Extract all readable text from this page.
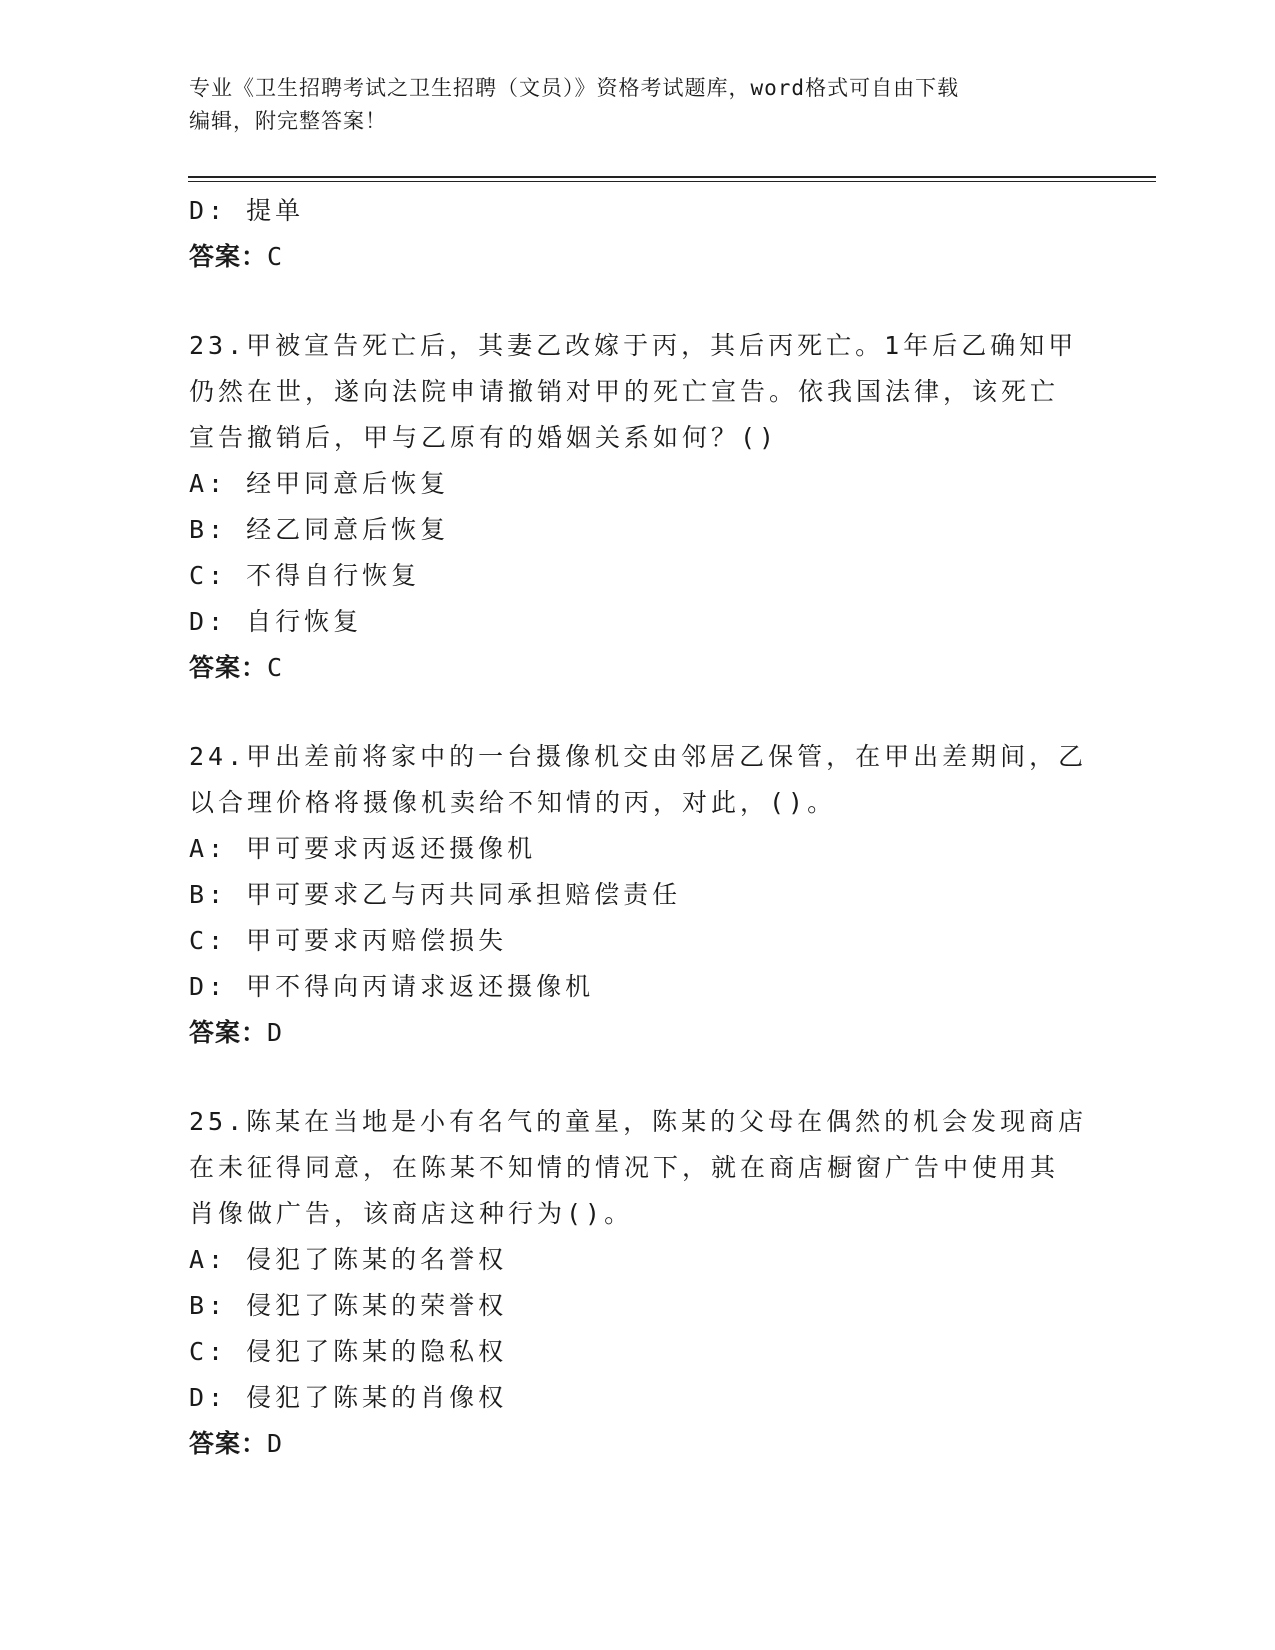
专业《卫生招聘考试之卫生招聘（文员）》资格考试题库，word格式可自由下载
编辑，附完整答案！
D: 提单
答案：C
23.甲被宣告死亡后，其妻乙改嫁于丙，其后丙死亡。1年后乙确知甲
仍然在世，遂向法院申请撤销对甲的死亡宣告。依我国法律，该死亡
宣告撤销后，甲与乙原有的婚姻关系如何？()
A: 经甲同意后恢复
B: 经乙同意后恢复
C: 不得自行恢复
D: 自行恢复
答案：C
24.甲出差前将家中的一台摄像机交由邻居乙保管，在甲出差期间，乙
以合理价格将摄像机卖给不知情的丙，对此，()。
A: 甲可要求丙返还摄像机
B: 甲可要求乙与丙共同承担赔偿责任
C: 甲可要求丙赔偿损失
D: 甲不得向丙请求返还摄像机
答案：D
25.陈某在当地是小有名气的童星，陈某的父母在偶然的机会发现商店
在未征得同意，在陈某不知情的情况下，就在商店橱窗广告中使用其
肖像做广告，该商店这种行为()。
A: 侵犯了陈某的名誉权
B: 侵犯了陈某的荣誉权
C: 侵犯了陈某的隐私权
D: 侵犯了陈某的肖像权
答案：D
